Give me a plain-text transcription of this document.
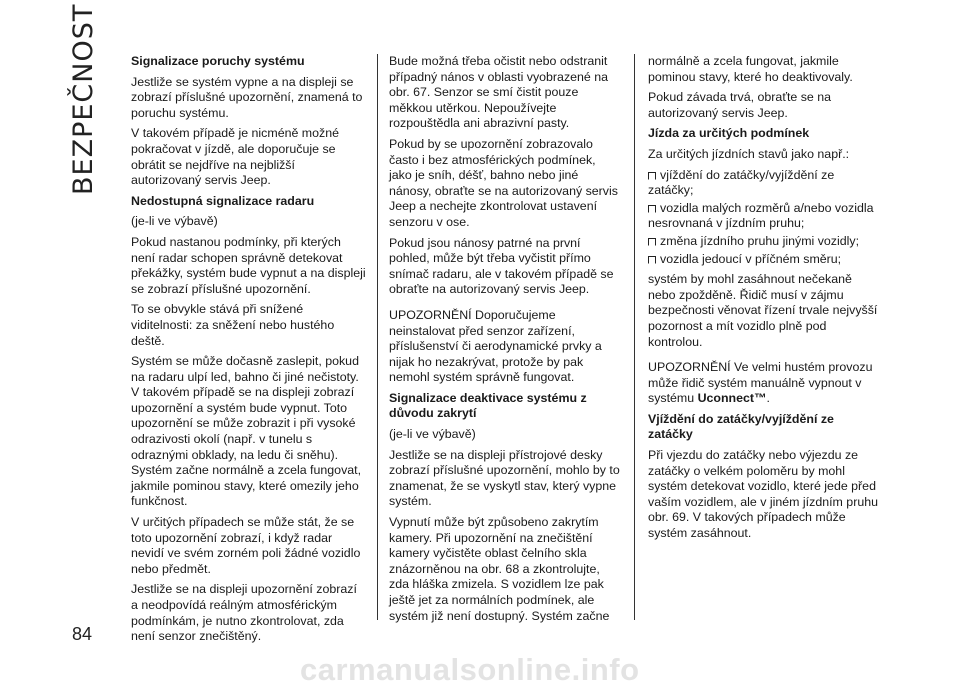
BEZPEČNOST
84
Signalizace poruchy systému

Jestliže se systém vypne a na displeji se zobrazí příslušné upozornění, znamená to poruchu systému.

V takovém případě je nicméně možné pokračovat v jízdě, ale doporučuje se obrátit se nejdříve na nejbližší autorizovaný servis Jeep.

Nedostupná signalizace radaru

(je-li ve výbavě)

Pokud nastanou podmínky, při kterých není radar schopen správně detekovat překážky, systém bude vypnut a na displeji se zobrazí příslušné upozornění.

To se obvykle stává při snížené viditelnosti: za sněžení nebo hustého deště.

Systém se může dočasně zaslepit, pokud na radaru ulpí led, bahno či jiné nečistoty. V takovém případě se na displeji zobrazí upozornění a systém bude vypnut. Toto upozornění se může zobrazit i při vysoké odrazivosti okolí (např. v tunelu s odraznými obklady, na ledu či sněhu). Systém začne normálně a zcela fungovat, jakmile pominou stavy, které omezily jeho funkčnost.

V určitých případech se může stát, že se toto upozornění zobrazí, i když radar nevidí ve svém zorném poli žádné vozidlo nebo předmět.

Jestliže se na displeji upozornění zobrazí a neodpovídá reálným atmosférickým podmínkám, je nutno zkontrolovat, zda není senzor znečištěný.

Bude možná třeba očistit nebo odstranit případný nános v oblasti vyobrazené na obr. 67. Senzor se smí čistit pouze měkkou utěrkou. Nepoužívejte rozpouštědla ani abrazivní pasty.

Pokud by se upozornění zobrazovalo často i bez atmosférických podmínek, jako je sníh, déšť, bahno nebo jiné nánosy, obraťte se na autorizovaný servis Jeep a nechejte zkontrolovat ustavení senzoru v ose.

Pokud jsou nánosy patrné na první pohled, může být třeba vyčistit přímo snímač radaru, ale v takovém případě se obraťte na autorizovaný servis Jeep.

UPOZORNĚNÍ Doporučujeme neinstalovat před senzor zařízení, příslušenství či aerodynamické prvky a nijak ho nezakrývat, protože by pak nemohl systém správně fungovat.

Signalizace deaktivace systému z důvodu zakrytí

(je-li ve výbavě)

Jestliže se na displeji přístrojové desky zobrazí příslušné upozornění, mohlo by to znamenat, že se vyskytl stav, který vypne systém.

Vypnutí může být způsobeno zakrytím kamery. Při upozornění na znečištění kamery vyčistěte oblast čelního skla znázorněnou na obr. 68 a zkontrolujte, zda hláška zmizela. S vozidlem lze pak ještě jet za normálních podmínek, ale systém již není dostupný. Systém začne

normálně a zcela fungovat, jakmile pominou stavy, které ho deaktivovaly.

Pokud závada trvá, obraťte se na autorizovaný servis Jeep.

Jízda za určitých podmínek

Za určitých jízdních stavů jako např.:

vjíždění do zatáčky/vyjíždění ze zatáčky;
vozidla malých rozměrů a/nebo vozidla nesrovnaná v jízdním pruhu;
změna jízdního pruhu jinými vozidly;
vozidla jedoucí v příčném směru;

systém by mohl zasáhnout nečekaně nebo zpožděně. Řidič musí v zájmu bezpečnosti věnovat řízení trvale nejvyšší pozornost a mít vozidlo plně pod kontrolou.

UPOZORNĚNÍ Ve velmi hustém provozu může řidič systém manuálně vypnout v systému Uconnect™.

Vjíždění do zatáčky/vyjíždění ze zatáčky

Při vjezdu do zatáčky nebo výjezdu ze zatáčky o velkém poloměru by mohl systém detekovat vozidlo, které jede před vaším vozidlem, ale v jiném jízdním pruhu obr. 69. V takových případech může systém zasáhnout.

carmanualsonline.info
